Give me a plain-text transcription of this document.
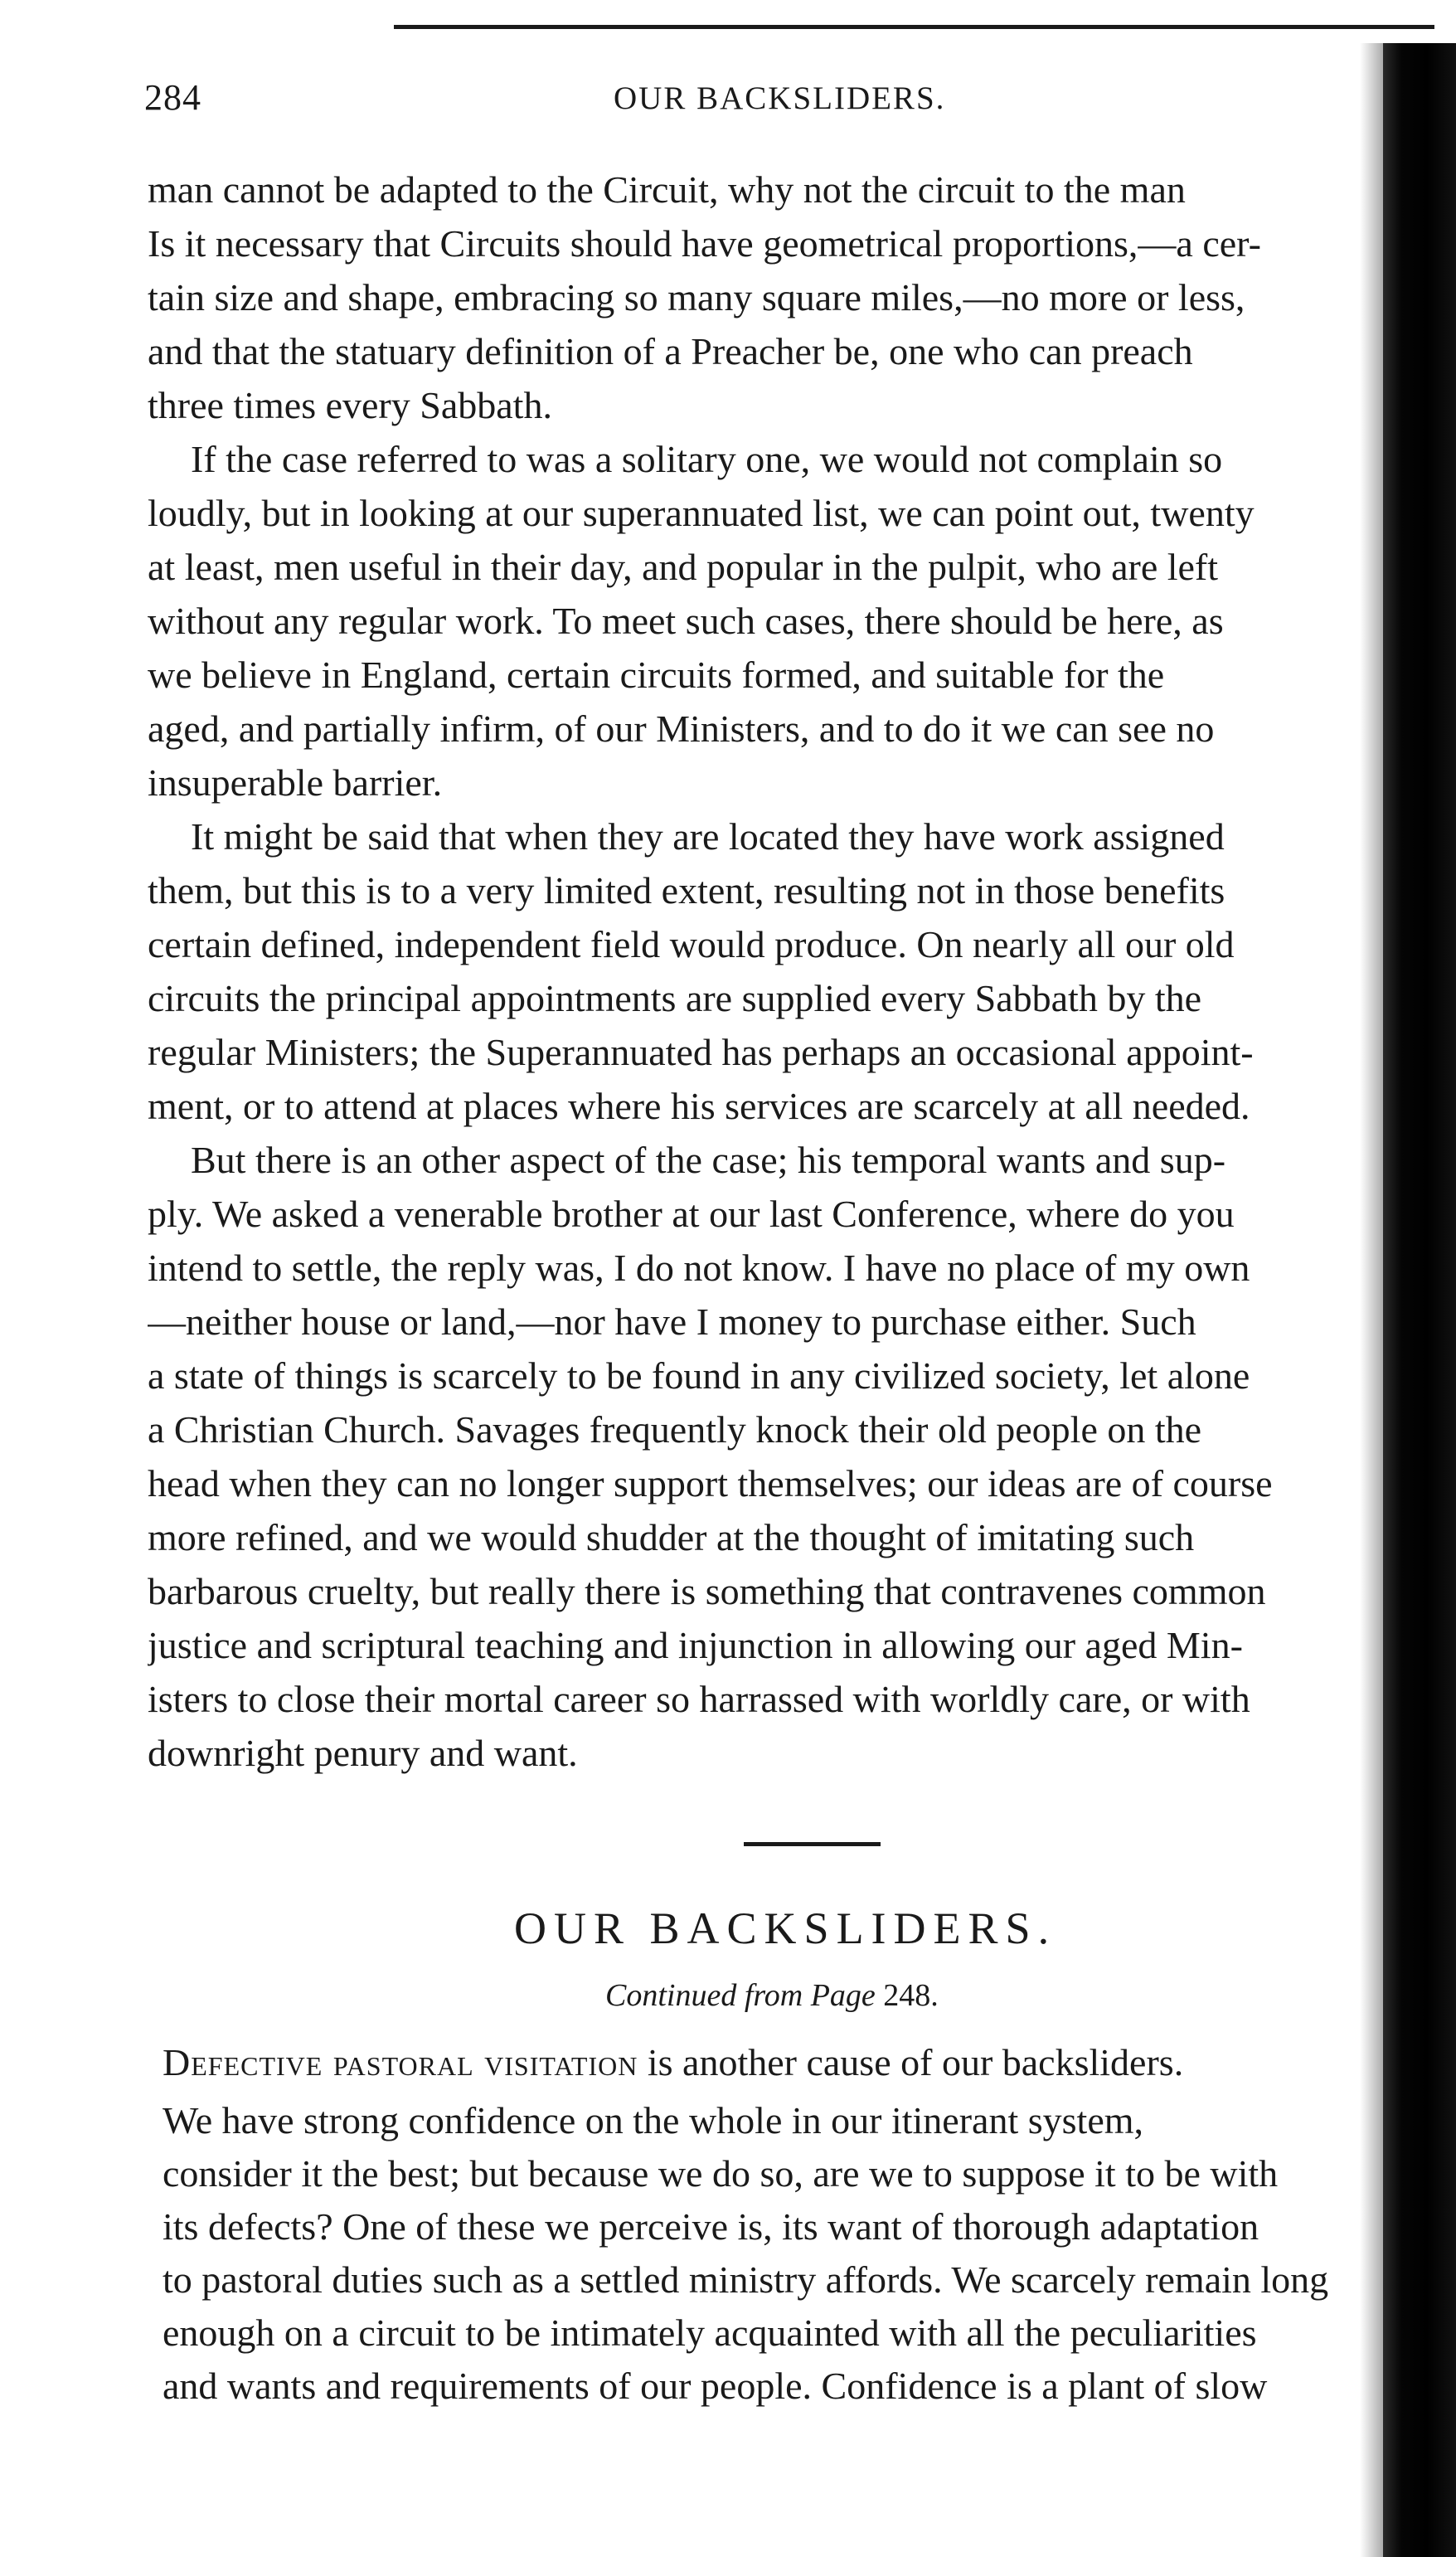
284	OUR BACKSLIDERS.
man cannot be adapted to the Circuit, why not the circuit to the man
Is it necessary that Circuits should have geometrical proportions,—a cer-
tain size and shape, embracing so many square miles,—no more or less,
and that the statuary definition of a Preacher be, one who can preach
three times every Sabbath.
If the case referred to was a solitary one, we would not complain so
loudly, but in looking at our superannuated list, we can point out, twenty
at least, men useful in their day, and popular in the pulpit, who are left
without any regular work. To meet such cases, there should be here, as
we believe in England, certain circuits formed, and suitable for the
aged, and partially infirm, of our Ministers, and to do it we can see no
insuperable barrier.
It might be said that when they are located they have work assigned
them, but this is to a very limited extent, resulting not in those benefits
certain defined, independent field would produce. On nearly all our old
circuits the principal appointments are supplied every Sabbath by the
regular Ministers; the Superannuated has perhaps an occasional appoint-
ment, or to attend at places where his services are scarcely at all needed.
But there is an other aspect of the case; his temporal wants and sup-
ply. We asked a venerable brother at our last Conference, where do you
intend to settle, the reply was, I do not know. I have no place of my own
—neither house or land,—nor have I money to purchase either. Such
a state of things is scarcely to be found in any civilized society, let alone
a Christian Church. Savages frequently knock their old people on the
head when they can no longer support themselves; our ideas are of course
more refined, and we would shudder at the thought of imitating such
barbarous cruelty, but really there is something that contravenes common
justice and scriptural teaching and injunction in allowing our aged Min-
isters to close their mortal career so harrassed with worldly care, or with
downright penury and want.
OUR BACKSLIDERS.
Continued from Page 248.
Defective pastoral visitation is another cause of our backsliders.
We have strong confidence on the whole in our itinerant system,
consider it the best; but because we do so, are we to suppose it to be with
its defects? One of these we perceive is, its want of thorough adaptation
to pastoral duties such as a settled ministry affords. We scarcely remain long
enough on a circuit to be intimately acquainted with all the peculiarities
and wants and requirements of our people. Confidence is a plant of slow
